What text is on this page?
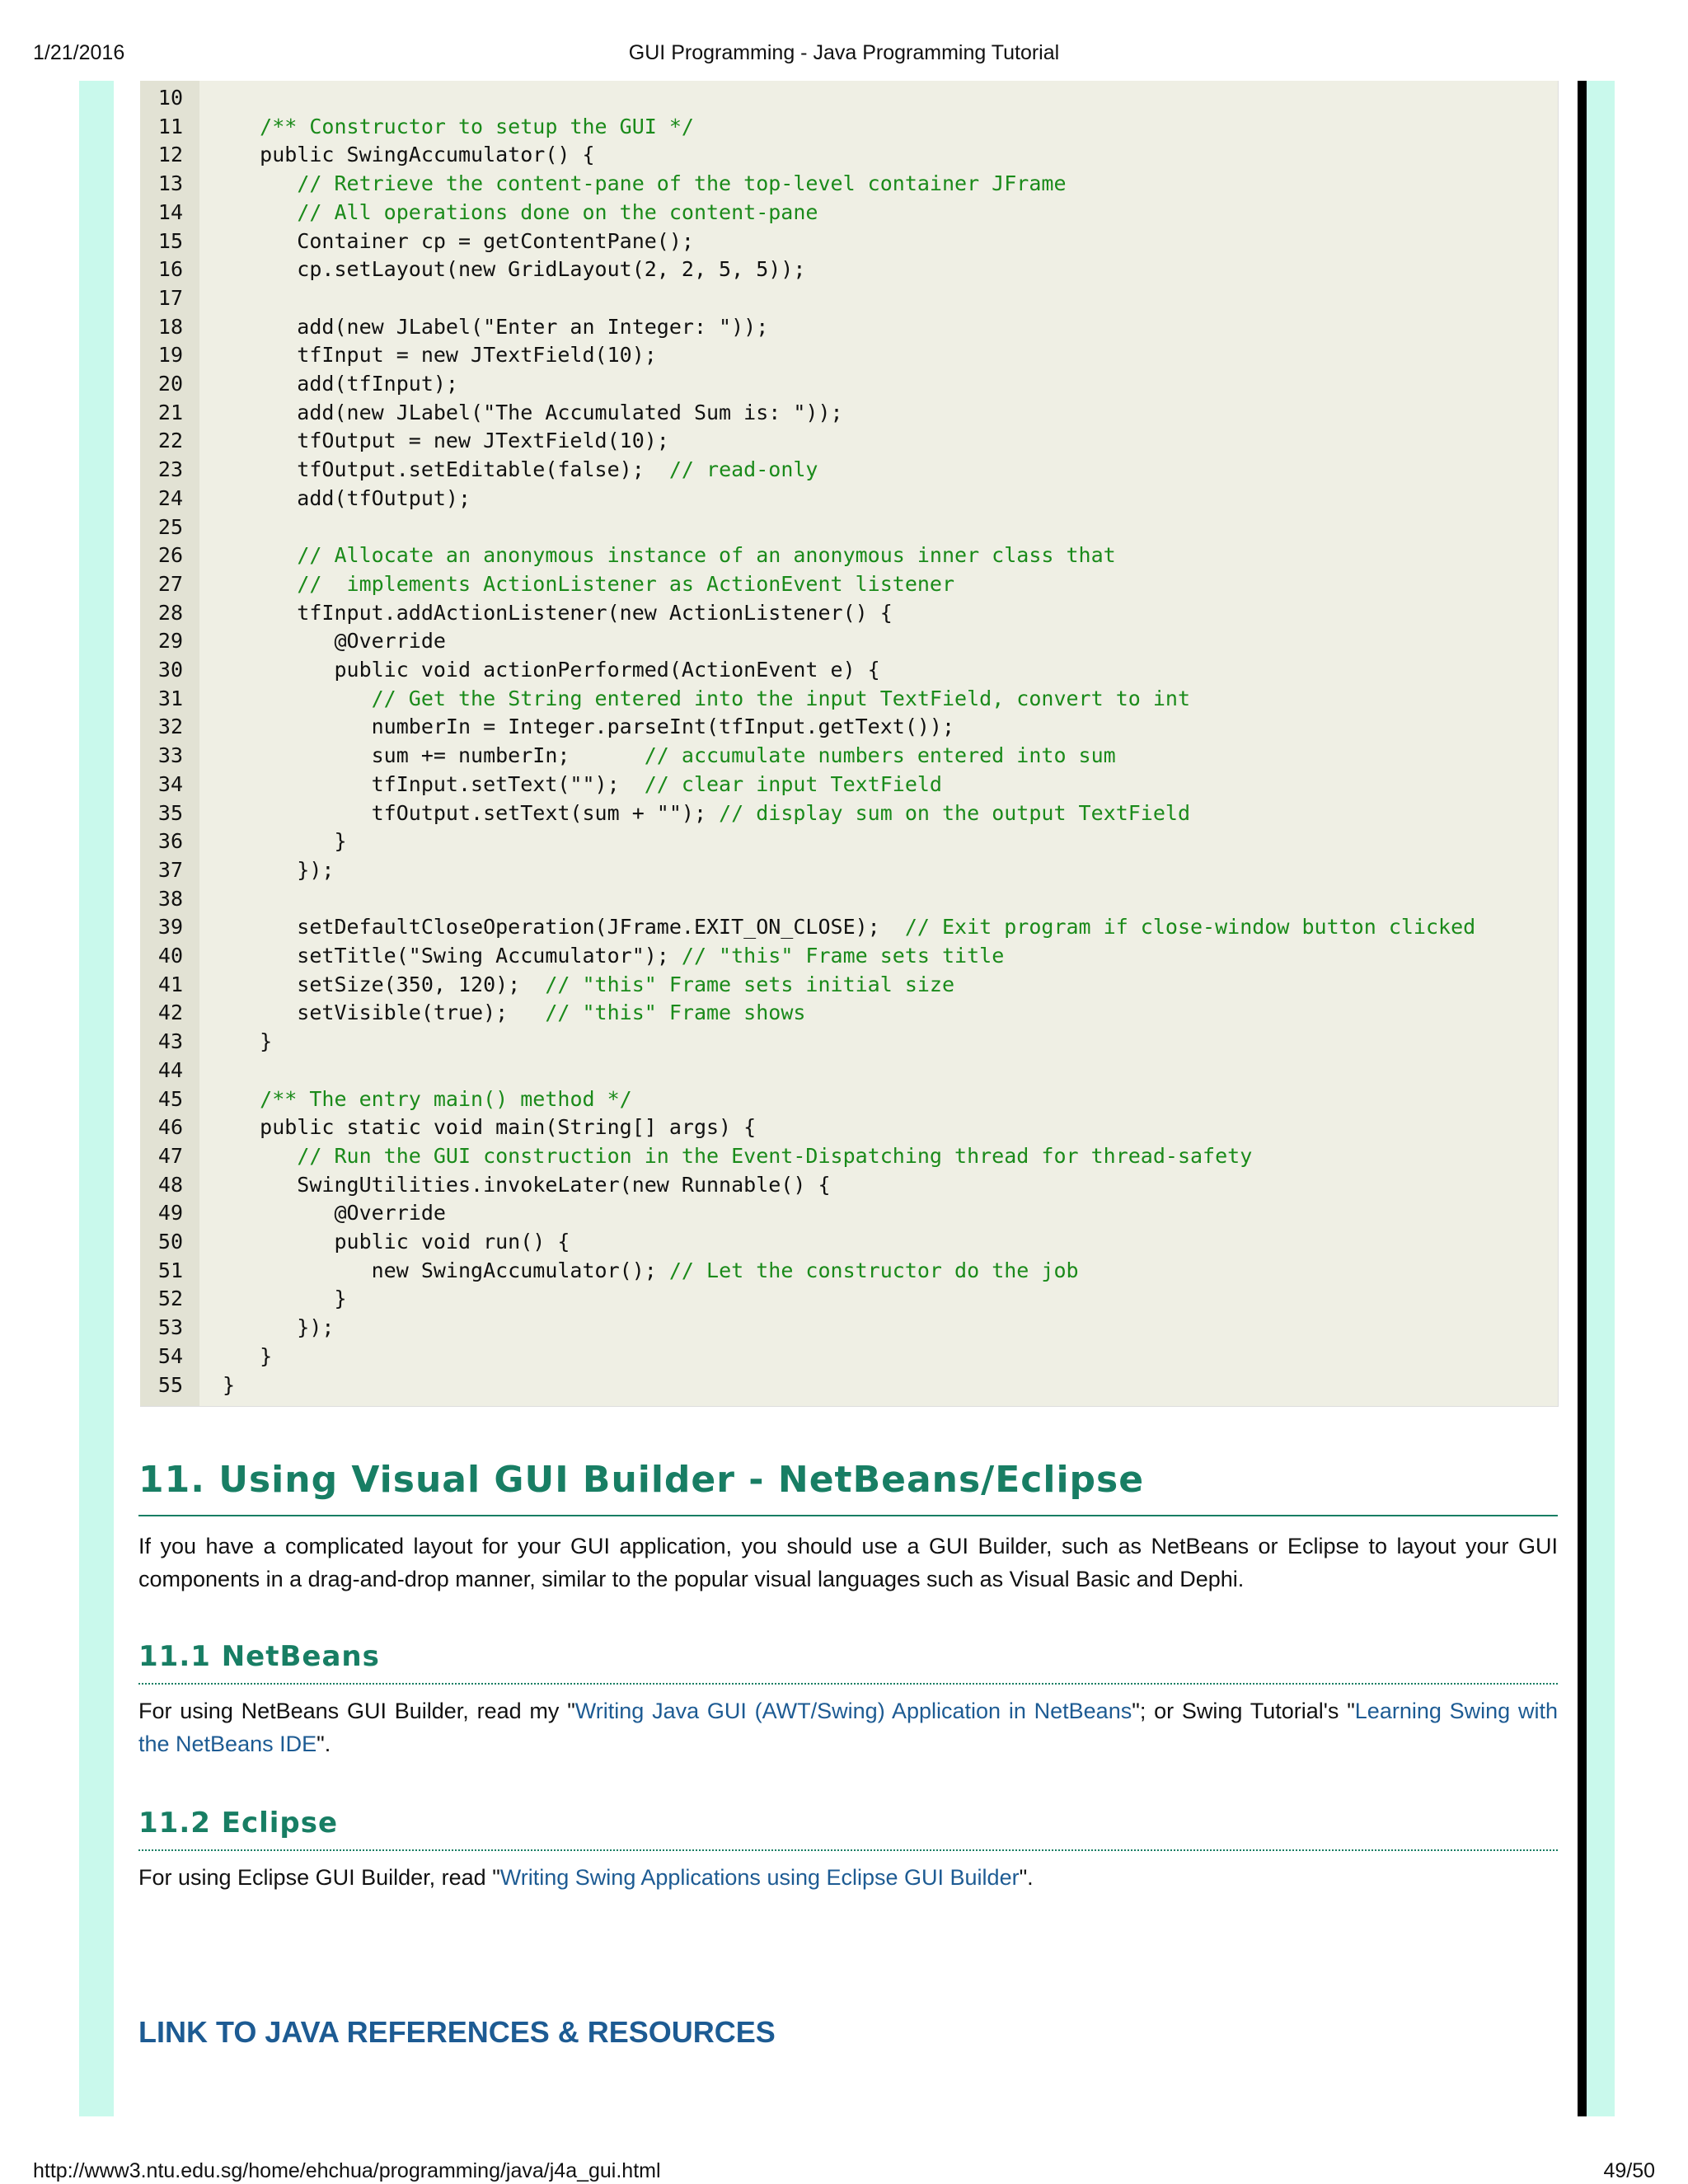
1/21/2016	GUI Programming - Java Programming Tutorial
10
11
12
13
14
15
16
17
18
19
20
21
22
23
24
25
26
27
28
29
30
31
32
33
34
35
36
37
38
39
40
41
42
43
44
45
46
47
48
49
50
51
52
53
54
55
/** Constructor to setup the GUI */
public SwingAccumulator() {
// Retrieve the content-pane of the top-level container JFrame
// All operations done on the content-pane
Container cp = getContentPane();
cp.setLayout(new GridLayout(2, 2, 5, 5));
add(new JLabel("Enter an Integer: "));
tfInput = new JTextField(10);
add(tfInput);
add(new JLabel("The Accumulated Sum is: "));
tfOutput = new JTextField(10);
tfOutput.setEditable(false);  // read-only
add(tfOutput);
// Allocate an anonymous instance of an anonymous inner class that
//  implements ActionListener as ActionEvent listener
tfInput.addActionListener(new ActionListener() {
@Override
public void actionPerformed(ActionEvent e) {
// Get the String entered into the input TextField, convert to int
numberIn = Integer.parseInt(tfInput.getText());
sum += numberIn;      // accumulate numbers entered into sum
tfInput.setText("");  // clear input TextField
tfOutput.setText(sum + ""); // display sum on the output TextField
}
});
setDefaultCloseOperation(JFrame.EXIT_ON_CLOSE);  // Exit program if close-window button clicked
setTitle("Swing Accumulator"); // "this" Frame sets title
setSize(350, 120);  // "this" Frame sets initial size
setVisible(true);   // "this" Frame shows
}
/** The entry main() method */
public static void main(String[] args) {
// Run the GUI construction in the Event-Dispatching thread for thread-safety
SwingUtilities.invokeLater(new Runnable() {
@Override
public void run() {
new SwingAccumulator(); // Let the constructor do the job
}
});
}
}
11. Using Visual GUI Builder - NetBeans/Eclipse
If you have a complicated layout for your GUI application, you should use a GUI Builder, such as NetBeans or Eclipse to layout your GUI components in a drag-and-drop manner, similar to the popular visual languages such as Visual Basic and Dephi.
11.1 NetBeans
For using NetBeans GUI Builder, read my "Writing Java GUI (AWT/Swing) Application in NetBeans"; or Swing Tutorial's "Learning Swing with the NetBeans IDE".
11.2 Eclipse
For using Eclipse GUI Builder, read "Writing Swing Applications using Eclipse GUI Builder".
LINK TO JAVA REFERENCES & RESOURCES
http://www3.ntu.edu.sg/home/ehchua/programming/java/j4a_gui.html	49/50
